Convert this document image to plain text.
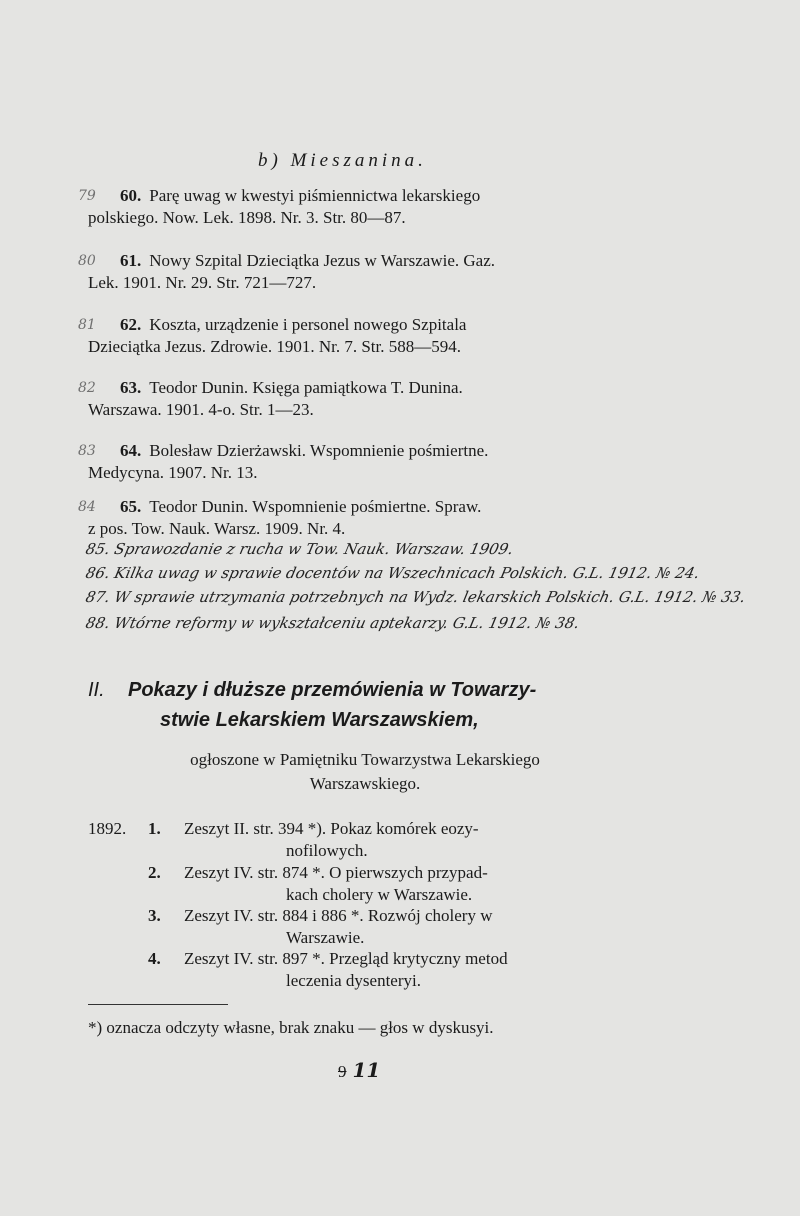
b) Mieszanina.
79	60. Parę uwag w kwestyi piśmiennictwa lekarskiego
polskiego. Now. Lek. 1898. Nr. 3. Str. 80—87.
80	61. Nowy Szpital Dzieciątka Jezus w Warszawie. Gaz.
Lek. 1901. Nr. 29. Str. 721—727.
81	62. Koszta, urządzenie i personel nowego Szpitala
Dzieciątka Jezus. Zdrowie. 1901. Nr. 7. Str. 588—594.
82	63. Teodor Dunin. Księga pamiątkowa T. Dunina.
Warszawa. 1901. 4-o. Str. 1—23.
83	64. Bolesław Dzierżawski. Wspomnienie pośmiertne.
Medycyna. 1907. Nr. 13.
84	65. Teodor Dunin. Wspomnienie pośmiertne. Spraw.
z pos. Tow. Nauk. Warsz. 1909. Nr. 4.
85. Sprawozdanie z rucha w Tow. Nauk. Warszaw. 1909.
86. Kilka uwag w sprawie docentów na Wszechnicach Polskich. G.L. 1912. № 24.
87. W sprawie utrzymania potrzebnych na Wydz. lekarskich Polskich. G.L. 1912. № 33.
88. Wtórne reformy w wykształceniu aptekarzy. G.L. 1912. № 38.
II. Pokazy i dłuższe przemówienia w Towarzy-
stwie Lekarskiem Warszawskiem,
ogłoszone w Pamiętniku Towarzystwa Lekarskiego
Warszawskiego.
1892. 1. Zeszyt II. str. 394 *). Pokaz komórek eozy-
nofilowych.
2. Zeszyt IV. str. 874 *. O pierwszych przypad-
kach cholery w Warszawie.
3. Zeszyt IV. str. 884 i 886 *. Rozwój cholery w
Warszawie.
4. Zeszyt IV. str. 897 *. Przegląd krytyczny metod
leczenia dysenteryi.
*) oznacza odczyty własne, brak znaku — głos w dyskusyi.
9 11
